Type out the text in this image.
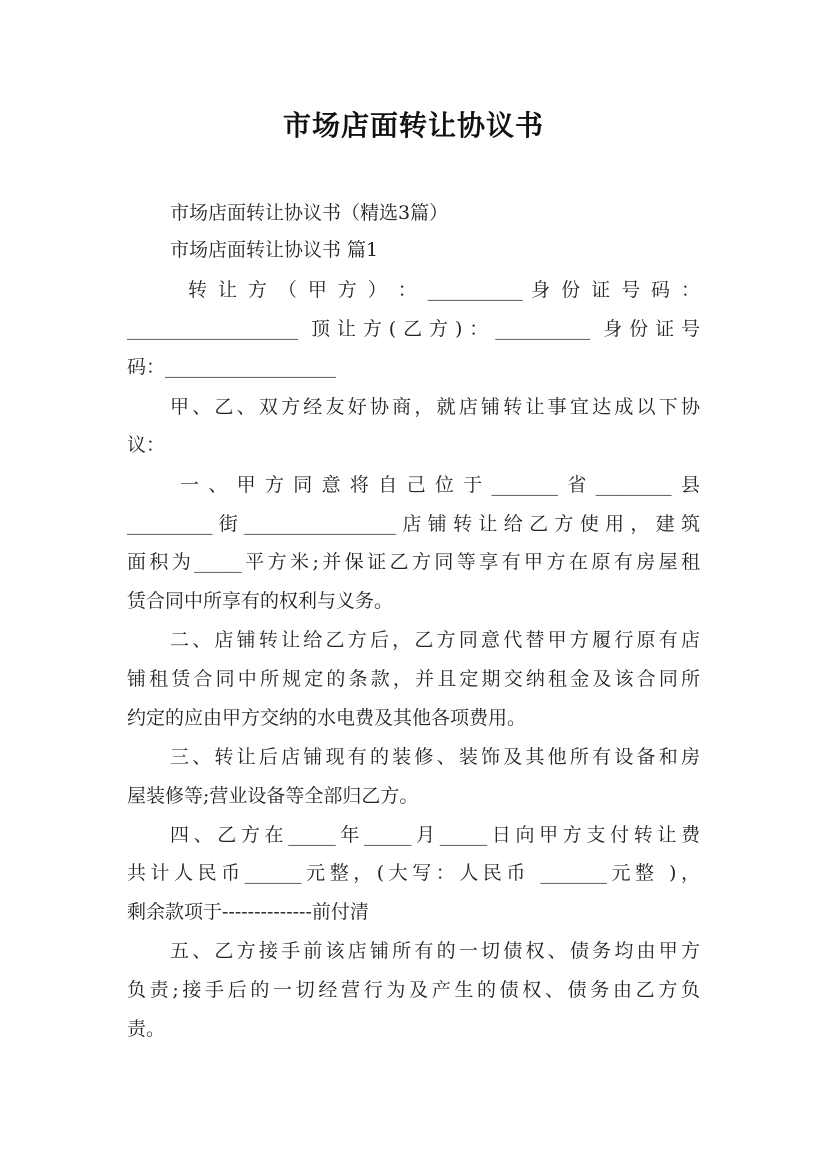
市场店面转让协议书
市场店面转让协议书（精选3篇）
市场店面转让协议书 篇1
转 让 方 （ 甲 方 ） ： __________ 身 份 证 号 码 ：
__________________ 顶让方(乙方)：__________ 身份证号
码：__________________
甲、乙、双方经友好协商，就店铺转让事宜达成以下协
议：
一、甲方同意将自己位于_______省________县
_________街________________店铺转让给乙方使用，建筑
面积为_____平方米;并保证乙方同等享有甲方在原有房屋租
赁合同中所享有的权利与义务。
二、店铺转让给乙方后，乙方同意代替甲方履行原有店
铺租赁合同中所规定的条款，并且定期交纳租金及该合同所
约定的应由甲方交纳的水电费及其他各项费用。
三、转让后店铺现有的装修、装饰及其他所有设备和房
屋装修等;营业设备等全部归乙方。
四、乙方在_____年_____月_____日向甲方支付转让费
共计人民币______元整，(大写：人民币 _______元整 )，
剩余款项于--------------前付清
五、乙方接手前该店铺所有的一切债权、债务均由甲方
负责;接手后的一切经营行为及产生的债权、债务由乙方负
责。
